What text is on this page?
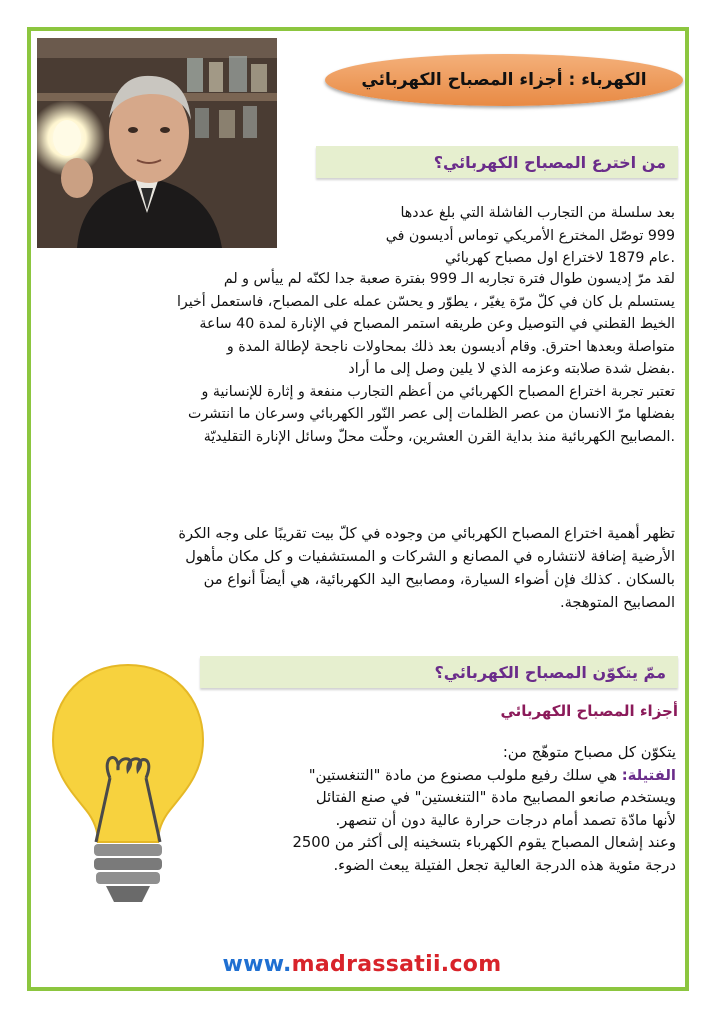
الكهرباء : أجزاء المصباح الكهربائي
من اخترع المصباح الكهربائي؟
بعد سلسلة من التجارب الفاشلة التي بلغ عددها
999 توصّل المخترع الأمريكي توماس أديسون في
.عام 1879 لاختراع اول مصباح كهربائي
لقد مرّ إديسون طوال فترة تجاربه الـ 999 بفترة صعبة جدا لكنّه لم ييأس و لم
يستسلم بل كان في كلّ مرّة يغيّر ، يطوّر و يحسّن عمله على المصباح، فاستعمل أخيرا
الخيط القطني في التوصيل وعن طريقه استمر المصباح في الإنارة لمدة 40 ساعة
متواصلة وبعدها احترق. وقام أديسون بعد ذلك بمحاولات ناجحة لإطالة المدة و
.بفضل شدة صلابته وعزمه الذي لا يلين وصل إلى ما أراد
تعتبر تجربة اختراع المصباح الكهربائي من أعظم التجارب منفعة و إثارة للإنسانية و
بفضلها مرّ الانسان من عصر الظلمات إلى عصر النّور الكهربائي وسرعان ما انتشرت
.المصابيح الكهربائية منذ بداية القرن العشرين، وحلّت محلّ وسائل الإنارة التقليديّة
تظهر أهمية اختراع المصباح الكهربائي من وجوده في كلّ بيت تقريبًا على وجه الكرة
الأرضية إضافة لانتشاره في المصانع و الشركات و المستشفيات و كل مكان مأهول
بالسكان . كذلك فإن أضواء السيارة، ومصابيح اليد الكهربائية، هي أيضاً أنواع من
المصابيح المتوهجة.
ممّ يتكوّن المصباح الكهربائي؟
أجزاء المصباح الكهربائي
يتكوّن كل مصباح متوهّج من:
الفتيلة: هي سلك رفيع ملولب مصنوع من مادة "التنغستين"
ويستخدم صانعو المصابيح مادة "التنغستين" في صنع الفتائل
لأنها مادّة تصمد أمام درجات حرارة عالية دون أن تنصهر.
وعند إشعال المصباح يقوم الكهرباء بتسخينه إلى أكثر من 2500
درجة مئوية هذه الدرجة العالية تجعل الفتيلة يبعث الضوء.
www.madrassatii.com
